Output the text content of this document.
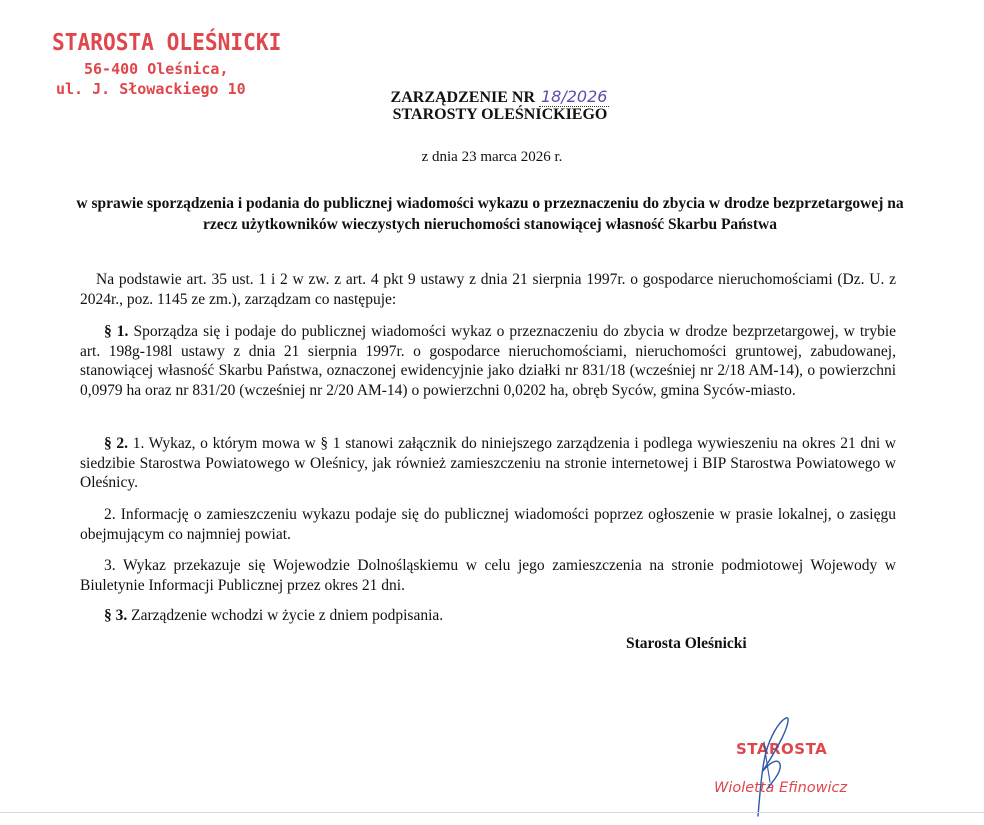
STAROSTA OLEŚNICKI
56-400 Oleśnica,
ul. J. Słowackiego 10	ZARZĄDZENIE NR 18/2026
STAROSTY OLEŚNICKIEGO
z dnia 23 marca 2026 r.
w sprawie sporządzenia i podania do publicznej wiadomości wykazu o przeznaczeniu do zbycia w drodze bezprzetargowej na rzecz użytkowników wieczystych nieruchomości stanowiącej własność Skarbu Państwa
Na podstawie art. 35 ust. 1 i 2 w zw. z art. 4 pkt 9 ustawy z dnia 21 sierpnia 1997r. o gospodarce nieruchomościami (Dz. U. z 2024r., poz. 1145 ze zm.), zarządzam co następuje:
§ 1. Sporządza się i podaje do publicznej wiadomości wykaz o przeznaczeniu do zbycia w drodze bezprzetargowej, w trybie art. 198g-198l ustawy z dnia 21 sierpnia 1997r. o gospodarce nieruchomościami, nieruchomości gruntowej, zabudowanej, stanowiącej własność Skarbu Państwa, oznaczonej ewidencyjnie jako działki nr 831/18 (wcześniej nr 2/18 AM-14), o powierzchni 0,0979 ha oraz nr 831/20 (wcześniej nr 2/20 AM-14) o powierzchni 0,0202 ha, obręb Syców, gmina Syców-miasto.
§ 2. 1. Wykaz, o którym mowa w § 1 stanowi załącznik do niniejszego zarządzenia i podlega wywieszeniu na okres 21 dni w siedzibie Starostwa Powiatowego w Oleśnicy, jak również zamieszczeniu na stronie internetowej i BIP Starostwa Powiatowego w Oleśnicy.
2. Informację o zamieszczeniu wykazu podaje się do publicznej wiadomości poprzez ogłoszenie w prasie lokalnej, o zasięgu obejmującym co najmniej powiat.
3. Wykaz przekazuje się Wojewodzie Dolnośląskiemu w celu jego zamieszczenia na stronie podmiotowej Wojewody w Biuletynie Informacji Publicznej przez okres 21 dni.
§ 3. Zarządzenie wchodzi w życie z dniem podpisania.
Starosta Oleśnicki
STAROSTA
Wioletta Efinowicz
